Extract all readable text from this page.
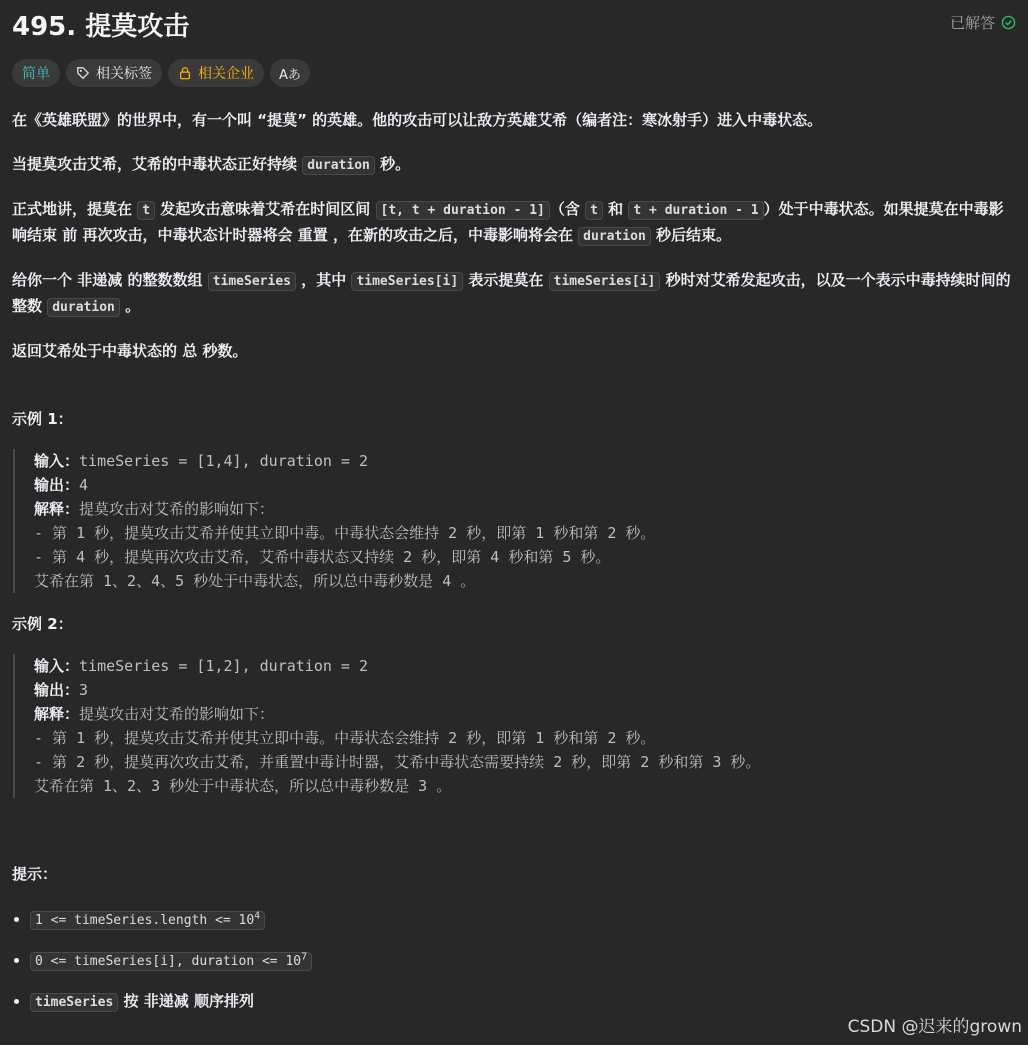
495. 提莫攻击	已解答
简单	相关标签	相关企业 Aあ

在《英雄联盟》的世界中，有一个叫 “提莫” 的英雄。他的攻击可以让敌方英雄艾希（编者注：寒冰射手）进入中毒状态。

当提莫攻击艾希，艾希的中毒状态正好持续 duration 秒。

正式地讲，提莫在 t 发起攻击意味着艾希在时间区间 [t, t + duration - 1] （含 t 和 t + duration - 1 ）处于中毒状态。如果提莫在中毒影响结束 前 再次攻击，中毒状态计时器将会 重置 ，在新的攻击之后，中毒影响将会在 duration 秒后结束。

给你一个 非递减 的整数数组 timeSeries ，其中 timeSeries[i] 表示提莫在 timeSeries[i] 秒时对艾希发起攻击，以及一个表示中毒持续时间的整数 duration 。

返回艾希处于中毒状态的 总 秒数。

示例 1：

输入：timeSeries = [1,4], duration = 2
输出：4
解释：提莫攻击对艾希的影响如下：
- 第 1 秒，提莫攻击艾希并使其立即中毒。中毒状态会维持 2 秒，即第 1 秒和第 2 秒。
- 第 4 秒，提莫再次攻击艾希，艾希中毒状态又持续 2 秒，即第 4 秒和第 5 秒。
艾希在第 1、2、4、5 秒处于中毒状态，所以总中毒秒数是 4 。

示例 2：

输入：timeSeries = [1,2], duration = 2
输出：3
解释：提莫攻击对艾希的影响如下：
- 第 1 秒，提莫攻击艾希并使其立即中毒。中毒状态会维持 2 秒，即第 1 秒和第 2 秒。
- 第 2 秒，提莫再次攻击艾希，并重置中毒计时器，艾希中毒状态需要持续 2 秒，即第 2 秒和第 3 秒。
艾希在第 1、2、3 秒处于中毒状态，所以总中毒秒数是 3 。

提示：

• 1 <= timeSeries.length <= $10^4$
• 0 <= timeSeries[i], duration <= $10^7$
• timeSeries 按 非递减 顺序排列
CSDN @迟来的grown
